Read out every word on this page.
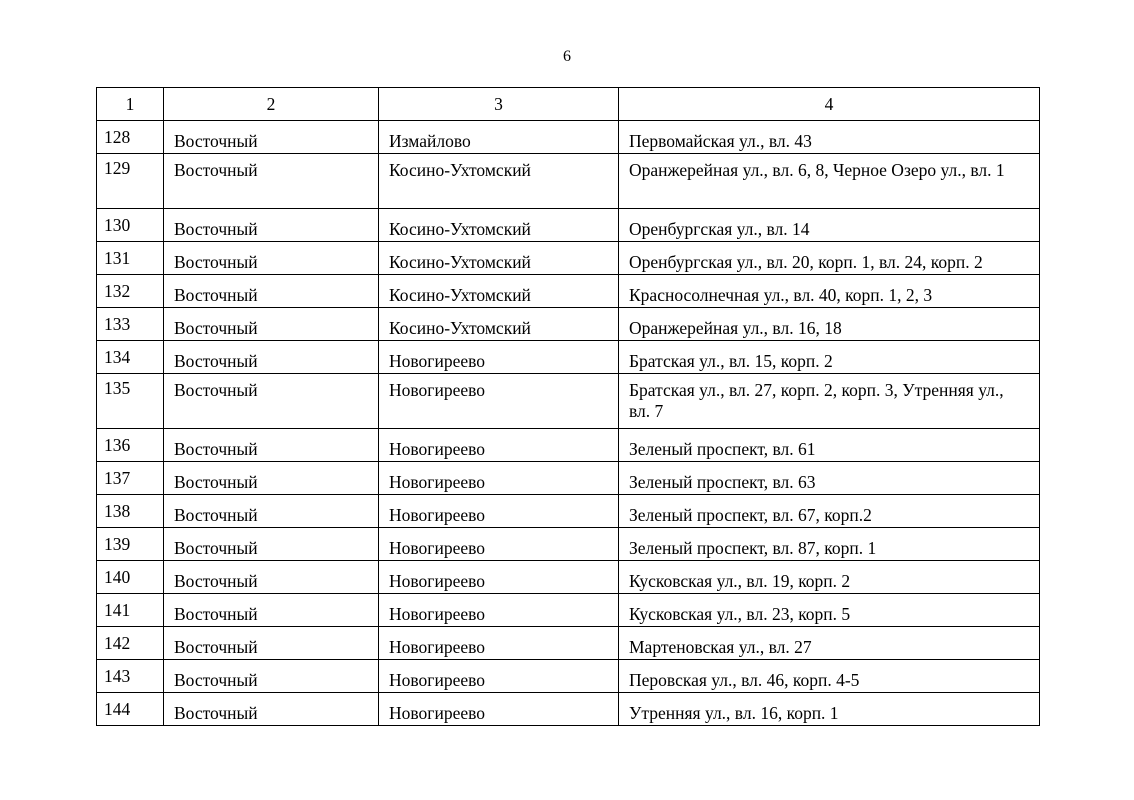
6
1	2	3	4
128	Восточный	Измайлово	Первомайская ул., вл. 43
129	Восточный	Косино-Ухтомский	Оранжерейная ул., вл. 6, 8, Черное Озеро ул., вл. 1
130	Восточный	Косино-Ухтомский	Оренбургская ул., вл. 14
131	Восточный	Косино-Ухтомский	Оренбургская ул., вл. 20, корп. 1, вл. 24, корп. 2
132	Восточный	Косино-Ухтомский	Красносолнечная ул., вл. 40, корп. 1, 2, 3
133	Восточный	Косино-Ухтомский	Оранжерейная ул., вл. 16, 18
134	Восточный	Новогиреево	Братская ул., вл. 15, корп. 2
135	Восточный	Новогиреево	Братская ул., вл. 27, корп. 2, корп. 3, Утренняя ул., вл. 7
136	Восточный	Новогиреево	Зеленый проспект, вл. 61
137	Восточный	Новогиреево	Зеленый проспект, вл. 63
138	Восточный	Новогиреево	Зеленый проспект, вл. 67, корп.2
139	Восточный	Новогиреево	Зеленый проспект, вл. 87, корп. 1
140	Восточный	Новогиреево	Кусковская ул., вл. 19, корп. 2
141	Восточный	Новогиреево	Кусковская ул., вл. 23, корп. 5
142	Восточный	Новогиреево	Мартеновская ул., вл. 27
143	Восточный	Новогиреево	Перовская ул., вл. 46, корп. 4-5
144	Восточный	Новогиреево	Утренняя ул., вл. 16, корп. 1
